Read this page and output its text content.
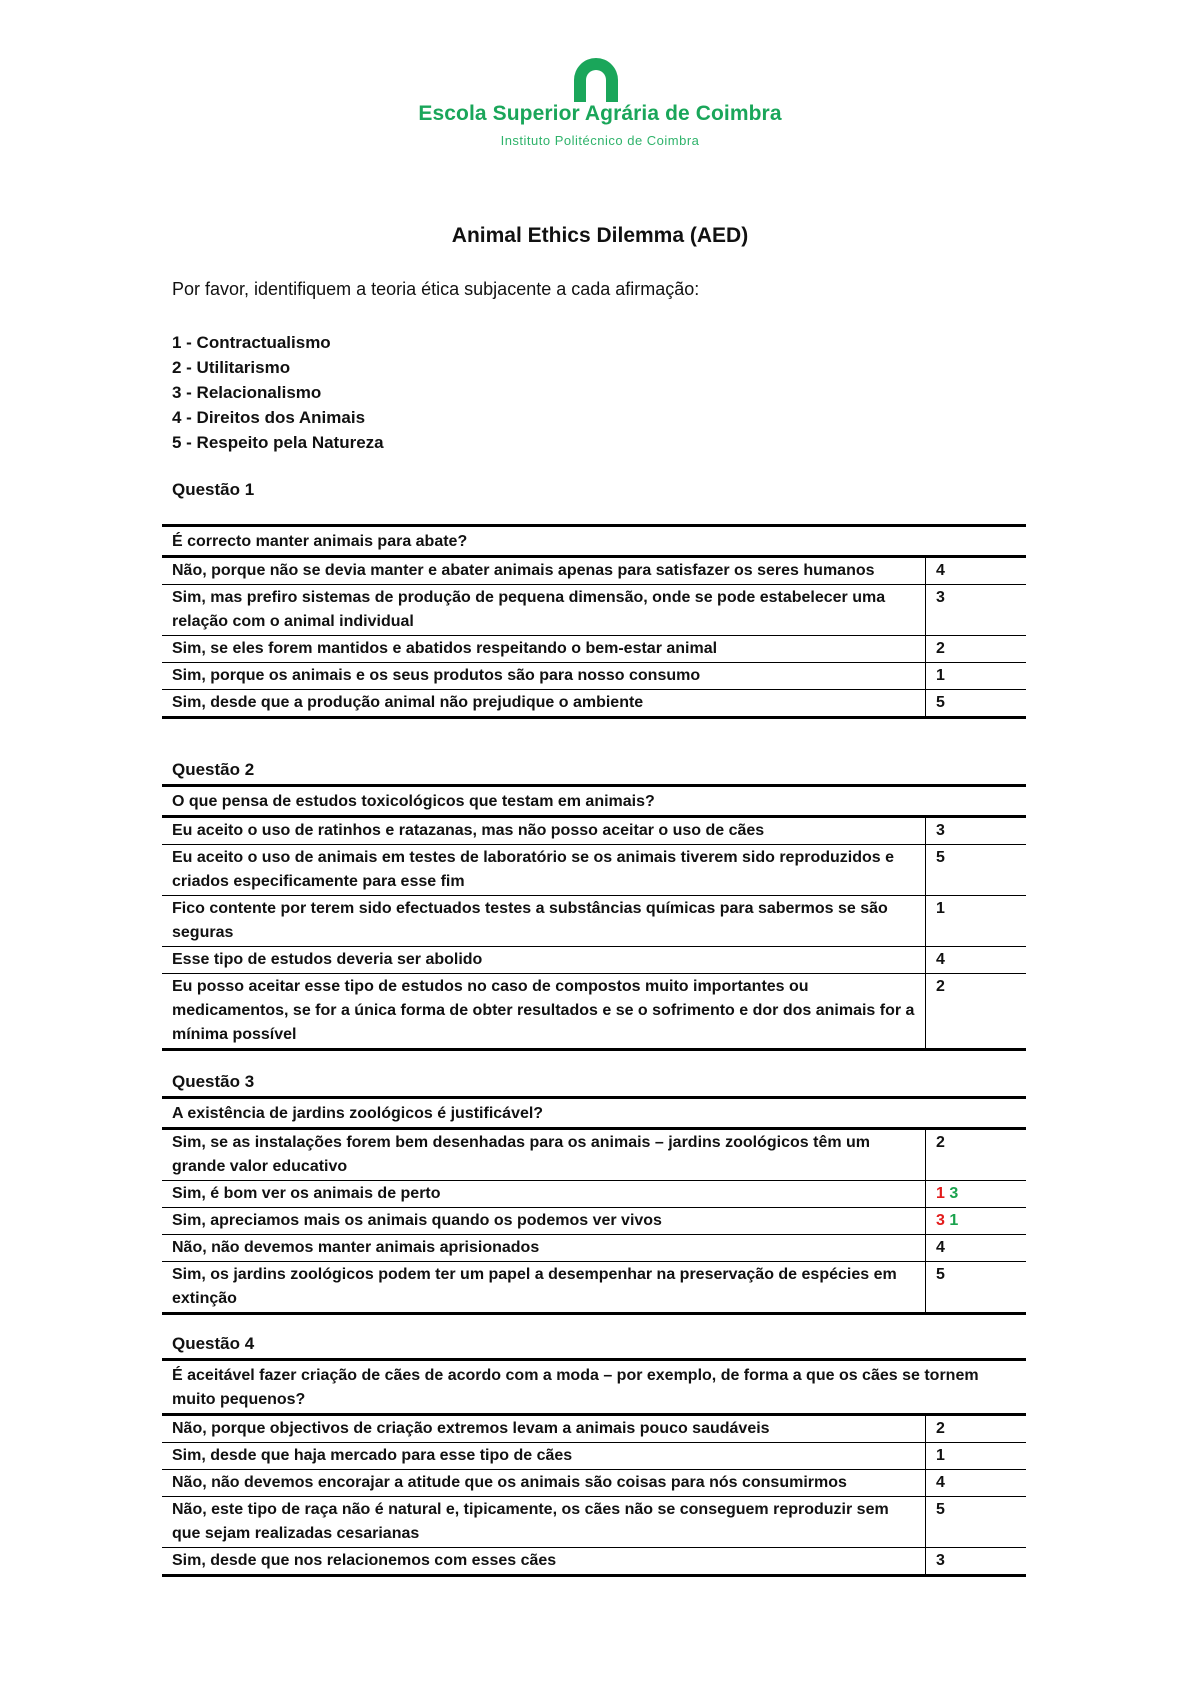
Escola Superior Agrária de Coimbra
Instituto Politécnico de Coimbra
Animal Ethics Dilemma (AED)
Por favor, identifiquem a teoria ética subjacente a cada afirmação:
1 - Contractualismo
2 - Utilitarismo
3 - Relacionalismo
4 - Direitos dos Animais
5 - Respeito pela Natureza
Questão 1
É correcto manter animais para abate?	
Não, porque não se devia manter e abater animais apenas para satisfazer os seres humanos	4
Sim, mas prefiro sistemas de produção de pequena dimensão, onde se pode estabelecer uma relação com o animal individual	3
Sim, se eles forem mantidos e abatidos respeitando o bem-estar animal	2
Sim, porque os animais e os seus produtos são para nosso consumo	1
Sim, desde que a produção animal não prejudique o ambiente	5
Questão 2
O que pensa de estudos toxicológicos que testam em animais?	
Eu aceito o uso de ratinhos e ratazanas, mas não posso aceitar o uso de cães	3
Eu aceito o uso de animais em testes de laboratório se os animais tiverem sido reproduzidos e criados especificamente para esse fim	5
Fico contente por terem sido efectuados testes a substâncias químicas para sabermos se são seguras	1
Esse tipo de estudos deveria ser abolido	4
Eu posso aceitar esse tipo de estudos no caso de compostos muito importantes ou medicamentos, se for a única forma de obter resultados e se o sofrimento e dor dos animais for a mínima possível	2
Questão 3
A existência de jardins zoológicos é justificável?	
Sim, se as instalações forem bem desenhadas para os animais – jardins zoológicos têm um grande valor educativo	2
Sim, é bom ver os animais de perto	1 3
Sim, apreciamos mais os animais quando os podemos ver vivos	3 1
Não, não devemos manter animais aprisionados	4
Sim, os jardins zoológicos podem ter um papel a desempenhar na preservação de espécies em extinção	5
Questão 4
É aceitável fazer criação de cães de acordo com a moda – por exemplo, de forma a que os cães se tornem muito pequenos?	
Não, porque objectivos de criação extremos levam a animais pouco saudáveis	2
Sim, desde que haja mercado para esse tipo de cães	1
Não, não devemos encorajar a atitude que os animais são coisas para nós consumirmos	4
Não, este tipo de raça não é natural e, tipicamente, os cães não se conseguem reproduzir sem que sejam realizadas cesarianas	5
Sim, desde que nos relacionemos com esses cães	3
